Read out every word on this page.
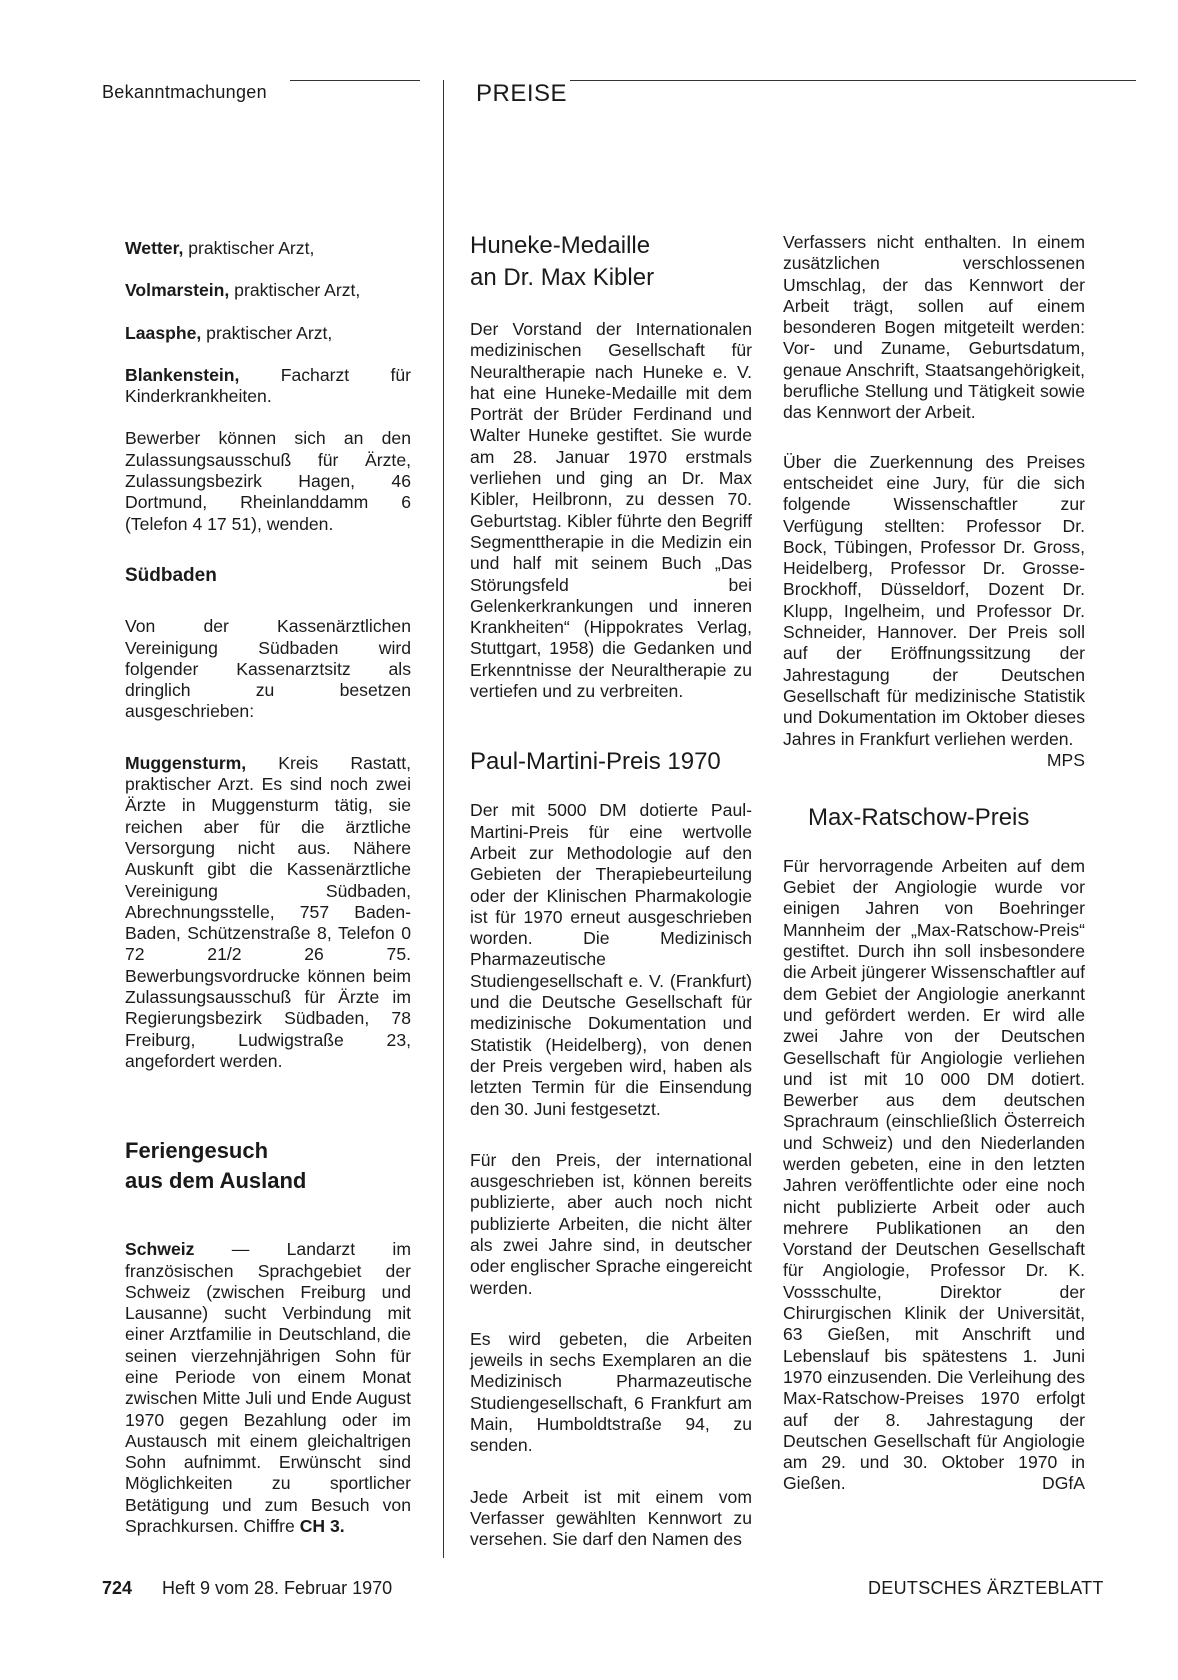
Bekanntmachungen	PREISE

Wetter, praktischer Arzt,

Volmarstein, praktischer Arzt,

Laasphe, praktischer Arzt,

Blankenstein, Facharzt für Kinderkrankheiten.

Bewerber können sich an den Zulassungsausschuß für Ärzte, Zulassungsbezirk Hagen, 46 Dortmund, Rheinlanddamm 6 (Telefon 4 17 51), wenden.

Südbaden

Von der Kassenärztlichen Vereinigung Südbaden wird folgender Kassenarztsitz als dringlich zu besetzen ausgeschrieben:

Muggensturm, Kreis Rastatt, praktischer Arzt. Es sind noch zwei Ärzte in Muggensturm tätig, sie reichen aber für die ärztliche Versorgung nicht aus. Nähere Auskunft gibt die Kassenärztliche Vereinigung Südbaden, Abrechnungsstelle, 757 Baden-Baden, Schützenstraße 8, Telefon 0 72 21/2 26 75. Bewerbungsvordrucke können beim Zulassungsausschuß für Ärzte im Regierungsbezirk Südbaden, 78 Freiburg, Ludwigstraße 23, angefordert werden.

Feriengesuch
aus dem Ausland

Schweiz — Landarzt im französischen Sprachgebiet der Schweiz (zwischen Freiburg und Lausanne) sucht Verbindung mit einer Arztfamilie in Deutschland, die seinen vierzehnjährigen Sohn für eine Periode von einem Monat zwischen Mitte Juli und Ende August 1970 gegen Bezahlung oder im Austausch mit einem gleichaltrigen Sohn aufnimmt. Erwünscht sind Möglichkeiten zu sportlicher Betätigung und zum Besuch von Sprachkursen. Chiffre CH 3.

Huneke-Medaille
an Dr. Max Kibler

Der Vorstand der Internationalen medizinischen Gesellschaft für Neuraltherapie nach Huneke e. V. hat eine Huneke-Medaille mit dem Porträt der Brüder Ferdinand und Walter Huneke gestiftet. Sie wurde am 28. Januar 1970 erstmals verliehen und ging an Dr. Max Kibler, Heilbronn, zu dessen 70. Geburtstag. Kibler führte den Begriff Segmenttherapie in die Medizin ein und half mit seinem Buch „Das Störungsfeld bei Gelenkerkrankungen und inneren Krankheiten“ (Hippokrates Verlag, Stuttgart, 1958) die Gedanken und Erkenntnisse der Neuraltherapie zu vertiefen und zu verbreiten.

Paul-Martini-Preis 1970

Der mit 5000 DM dotierte Paul-Martini-Preis für eine wertvolle Arbeit zur Methodologie auf den Gebieten der Therapiebeurteilung oder der Klinischen Pharmakologie ist für 1970 erneut ausgeschrieben worden. Die Medizinisch Pharmazeutische Studiengesellschaft e. V. (Frankfurt) und die Deutsche Gesellschaft für medizinische Dokumentation und Statistik (Heidelberg), von denen der Preis vergeben wird, haben als letzten Termin für die Einsendung den 30. Juni festgesetzt.

Für den Preis, der international ausgeschrieben ist, können bereits publizierte, aber auch noch nicht publizierte Arbeiten, die nicht älter als zwei Jahre sind, in deutscher oder englischer Sprache eingereicht werden.

Es wird gebeten, die Arbeiten jeweils in sechs Exemplaren an die Medizinisch Pharmazeutische Studiengesellschaft, 6 Frankfurt am Main, Humboldtstraße 94, zu senden.

Jede Arbeit ist mit einem vom Verfasser gewählten Kennwort zu versehen. Sie darf den Namen des

Verfassers nicht enthalten. In einem zusätzlichen verschlossenen Umschlag, der das Kennwort der Arbeit trägt, sollen auf einem besonderen Bogen mitgeteilt werden: Vor- und Zuname, Geburtsdatum, genaue Anschrift, Staatsangehörigkeit, berufliche Stellung und Tätigkeit sowie das Kennwort der Arbeit.

Über die Zuerkennung des Preises entscheidet eine Jury, für die sich folgende Wissenschaftler zur Verfügung stellten: Professor Dr. Bock, Tübingen, Professor Dr. Gross, Heidelberg, Professor Dr. Grosse-Brockhoff, Düsseldorf, Dozent Dr. Klupp, Ingelheim, und Professor Dr. Schneider, Hannover. Der Preis soll auf der Eröffnungssitzung der Jahrestagung der Deutschen Gesellschaft für medizinische Statistik und Dokumentation im Oktober dieses Jahres in Frankfurt verliehen werden.
MPS

Max-Ratschow-Preis

Für hervorragende Arbeiten auf dem Gebiet der Angiologie wurde vor einigen Jahren von Boehringer Mannheim der „Max-Ratschow-Preis“ gestiftet. Durch ihn soll insbesondere die Arbeit jüngerer Wissenschaftler auf dem Gebiet der Angiologie anerkannt und gefördert werden. Er wird alle zwei Jahre von der Deutschen Gesellschaft für Angiologie verliehen und ist mit 10 000 DM dotiert. Bewerber aus dem deutschen Sprachraum (einschließlich Österreich und Schweiz) und den Niederlanden werden gebeten, eine in den letzten Jahren veröffentlichte oder eine noch nicht publizierte Arbeit oder auch mehrere Publikationen an den Vorstand der Deutschen Gesellschaft für Angiologie, Professor Dr. K. Vossschulte, Direktor der Chirurgischen Klinik der Universität, 63 Gießen, mit Anschrift und Lebenslauf bis spätestens 1. Juni 1970 einzusenden. Die Verleihung des Max-Ratschow-Preises 1970 erfolgt auf der 8. Jahrestagung der Deutschen Gesellschaft für Angiologie am 29. und 30. Oktober 1970 in Gießen.	DGfA

724 Heft 9 vom 28. Februar 1970	DEUTSCHES ÄRZTEBLATT
